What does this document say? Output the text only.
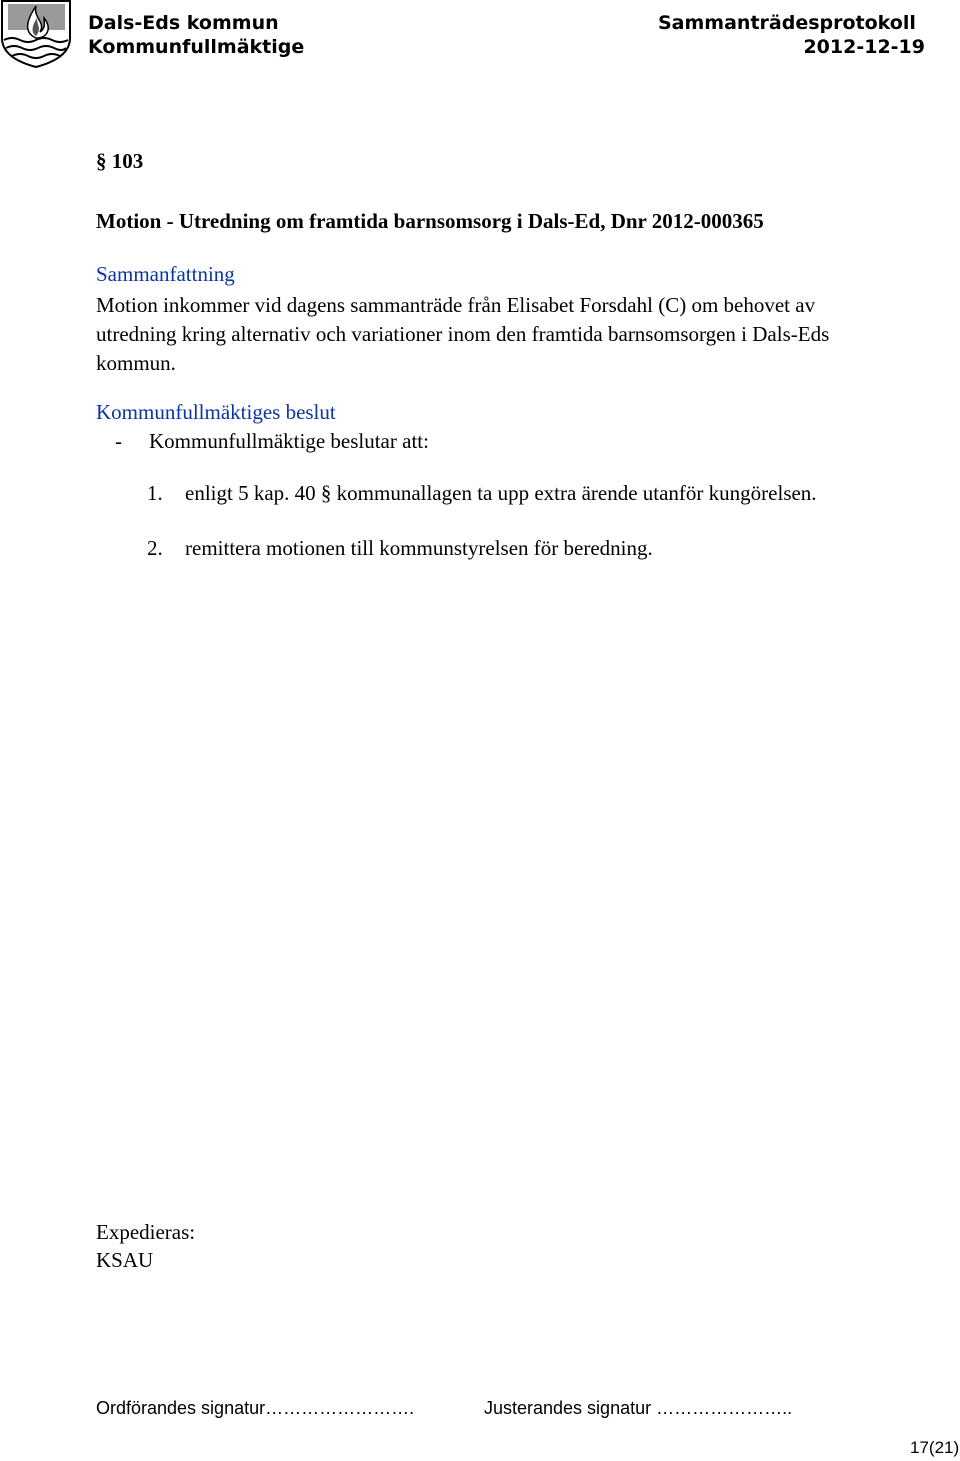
Dals-Eds kommun
Kommunfullmäktige
Sammanträdesprotokoll
2012-12-19
§ 103
Motion - Utredning om framtida barnsomsorg i Dals-Ed, Dnr 2012-000365
Sammanfattning
Motion inkommer vid dagens sammanträde från Elisabet Forsdahl (C) om behovet av
utredning kring alternativ och variationer inom den framtida barnsomsorgen i Dals-Eds
kommun.
Kommunfullmäktiges beslut
- Kommunfullmäktige beslutar att:
1. enligt 5 kap. 40 § kommunallagen ta upp extra ärende utanför kungörelsen.
2. remittera motionen till kommunstyrelsen för beredning.
Expedieras:
KSAU
Ordförandes signatur…………………….	Justerandes signatur …………………..
17(21)
